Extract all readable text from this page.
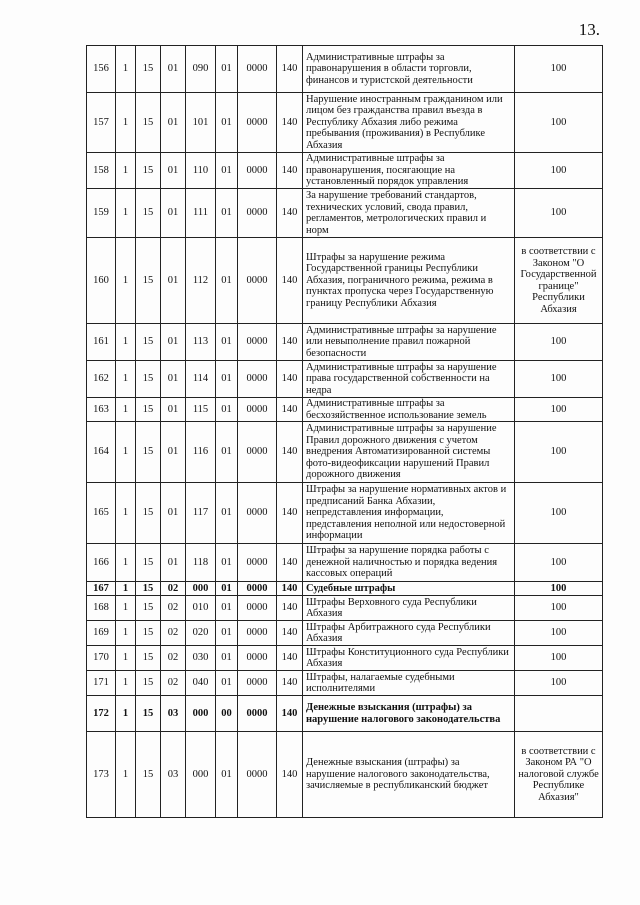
13.
156	1	15	01	090	01	0000	140	Административные штрафы за правонарушения в области торговли, финансов и туристской деятельности	100
157	1	15	01	101	01	0000	140	Нарушение иностранным гражданином или лицом без гражданства правил въезда в Республику Абхазия либо режима пребывания (проживания) в Республике Абхазия	100
158	1	15	01	110	01	0000	140	Административные штрафы за правонарушения, посягающие на установленный порядок управления	100
159	1	15	01	111	01	0000	140	За нарушение требований стандартов, технических условий, свода правил, регламентов, метрологических правил и норм	100
160	1	15	01	112	01	0000	140	Штрафы за нарушение режима Государственной границы Республики Абхазия, пограничного режима, режима в пунктах пропуска через Государственную границу Республики Абхазия	в соответствии с Законом "О Государственной границе" Республики Абхазия
161	1	15	01	113	01	0000	140	Административные штрафы за нарушение или невыполнение правил пожарной безопасности	100
162	1	15	01	114	01	0000	140	Административные штрафы за нарушение права государственной собственности на недра	100
163	1	15	01	115	01	0000	140	Административные штрафы за бесхозяйственное использование земель	100
164	1	15	01	116	01	0000	140	Административные штрафы за нарушение Правил дорожного движения с учетом внедрения Автоматизированной системы фото-видеофиксации нарушений Правил дорожного движения	100
165	1	15	01	117	01	0000	140	Штрафы за нарушение нормативных актов и предписаний Банка Абхазии, непредставления информации, представления неполной или недостоверной информации	100
166	1	15	01	118	01	0000	140	Штрафы за нарушение порядка работы с денежной наличностью и порядка ведения кассовых операций	100
167	1	15	02	000	01	0000	140	Судебные штрафы	100
168	1	15	02	010	01	0000	140	Штрафы Верховного суда Республики Абхазия	100
169	1	15	02	020	01	0000	140	Штрафы Арбитражного суда Республики Абхазия	100
170	1	15	02	030	01	0000	140	Штрафы Конституционного суда Республики Абхазия	100
171	1	15	02	040	01	0000	140	Штрафы, налагаемые судебными исполнителями	100
172	1	15	03	000	00	0000	140	Денежные взыскания (штрафы) за нарушение налогового законодательства	
173	1	15	03	000	01	0000	140	Денежные взыскания (штрафы) за нарушение налогового законодательства, зачисляемые в республиканский бюджет	в соответствии с Законом РА "О налоговой службе Республике Абхазия"
